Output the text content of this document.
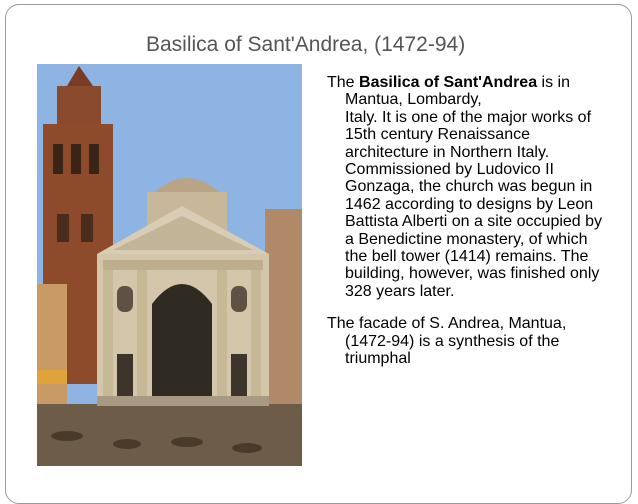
Basilica of Sant'Andrea, (1472-94)

The Basilica of Sant'Andrea is in Mantua, Lombardy,
Italy. It is one of the major works of 15th century Renaissance architecture in Northern Italy. Commissioned by Ludovico II Gonzaga, the church was begun in 1462 according to designs by Leon Battista Alberti on a site occupied by a Benedictine monastery, of which the bell tower (1414) remains. The building, however, was finished only 328 years later.

The facade of S. Andrea, Mantua, (1472-94) is a synthesis of the triumphal
